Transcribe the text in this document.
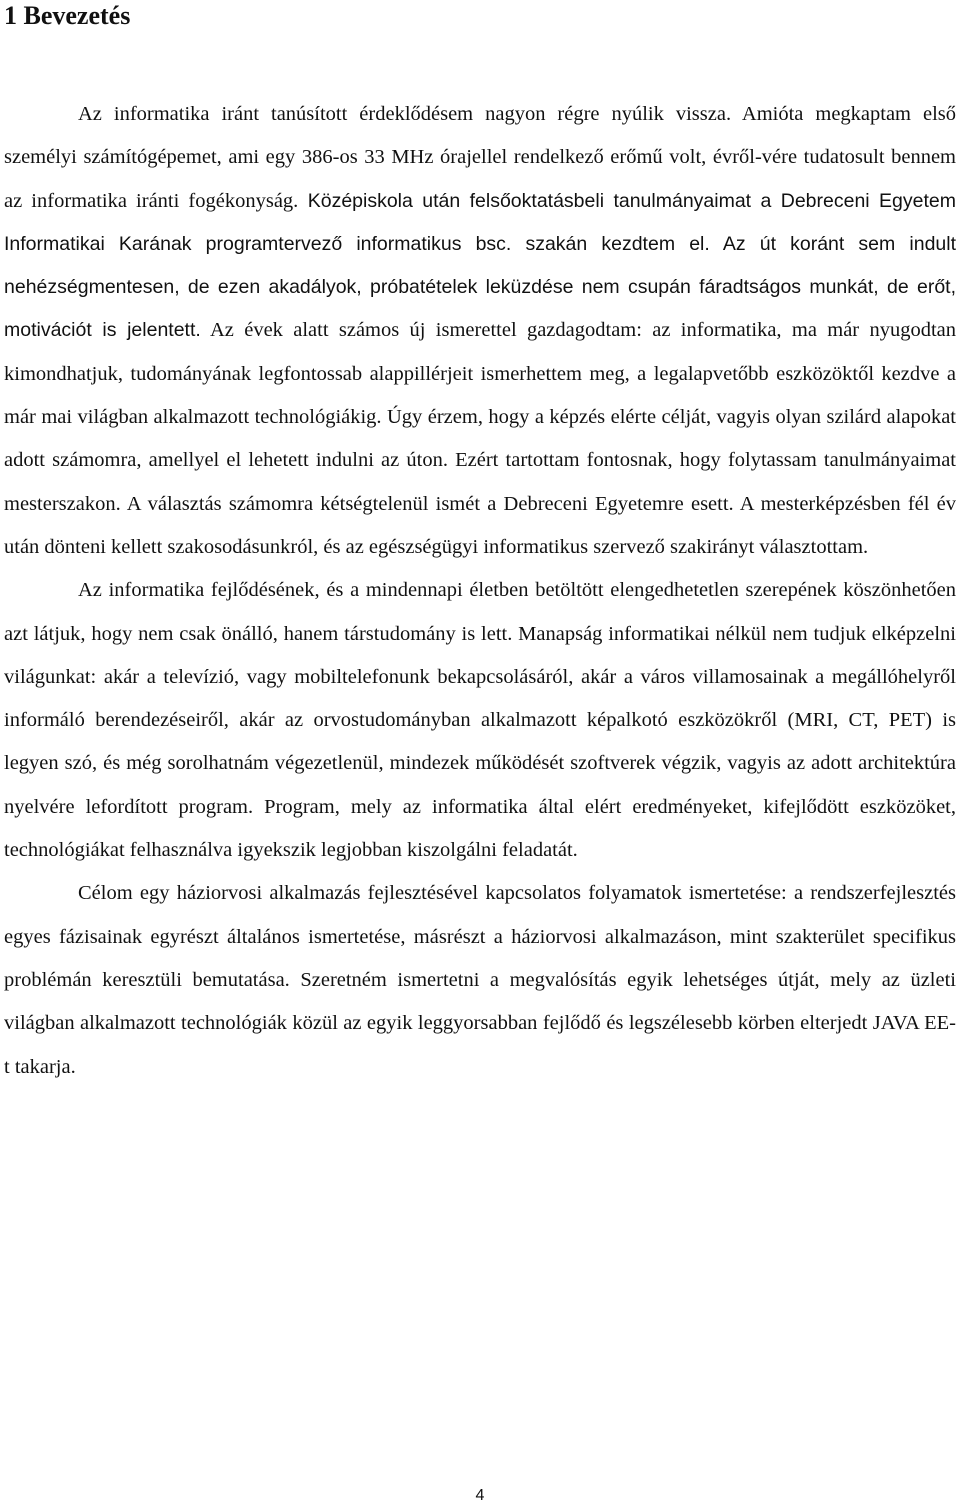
1 Bevezetés

Az informatika iránt tanúsított érdeklődésem nagyon régre nyúlik vissza. Amióta megkaptam első személyi számítógépemet, ami egy 386-os 33 MHz órajellel rendelkező erőmű volt, évről-vére tudatosult bennem az informatika iránti fogékonyság. Középiskola után felsőoktatásbeli tanulmányaimat a Debreceni Egyetem Informatikai Karának programtervező informatikus bsc. szakán kezdtem el. Az út koránt sem indult nehézségmentesen, de ezen akadályok, próbatételek leküzdése nem csupán fáradtságos munkát, de erőt, motivációt is jelentett. Az évek alatt számos új ismerettel gazdagodtam: az informatika, ma már nyugodtan kimondhatjuk, tudományának legfontossab alappillérjeit ismerhettem meg, a legalapvetőbb eszközöktől kezdve a már mai világban alkalmazott technológiákig. Úgy érzem, hogy a képzés elérte célját, vagyis olyan szilárd alapokat adott számomra, amellyel el lehetett indulni az úton. Ezért tartottam fontosnak, hogy folytassam tanulmányaimat mesterszakon. A választás számomra kétségtelenül ismét a Debreceni Egyetemre esett. A mesterképzésben fél év után dönteni kellett szakosodásunkról, és az egészségügyi informatikus szervező szakirányt választottam.

Az informatika fejlődésének, és a mindennapi életben betöltött elengedhetetlen szerepének köszönhetően azt látjuk, hogy nem csak önálló, hanem társtudomány is lett. Manapság informatikai nélkül nem tudjuk elképzelni világunkat: akár a televízió, vagy mobiltelefonunk bekapcsolásáról, akár a város villamosainak a megállóhelyről informáló berendezéseiről, akár az orvostudományban alkalmazott képalkotó eszközökről (MRI, CT, PET) is legyen szó, és még sorolhatnám végezetlenül, mindezek működését szoftverek végzik, vagyis az adott architektúra nyelvére lefordított program. Program, mely az informatika által elért eredményeket, kifejlődött eszközöket, technológiákat felhasználva igyekszik legjobban kiszolgálni feladatát.

Célom egy háziorvosi alkalmazás fejlesztésével kapcsolatos folyamatok ismertetése: a rendszerfejlesztés egyes fázisainak egyrészt általános ismertetése, másrészt a háziorvosi alkalmazáson, mint szakterület specifikus problémán keresztüli bemutatása. Szeretném ismertetni a megvalósítás egyik lehetséges útját, mely az üzleti világban alkalmazott technológiák közül az egyik leggyorsabban fejlődő és legszélesebb körben elterjedt JAVA EE-t takarja.

4
